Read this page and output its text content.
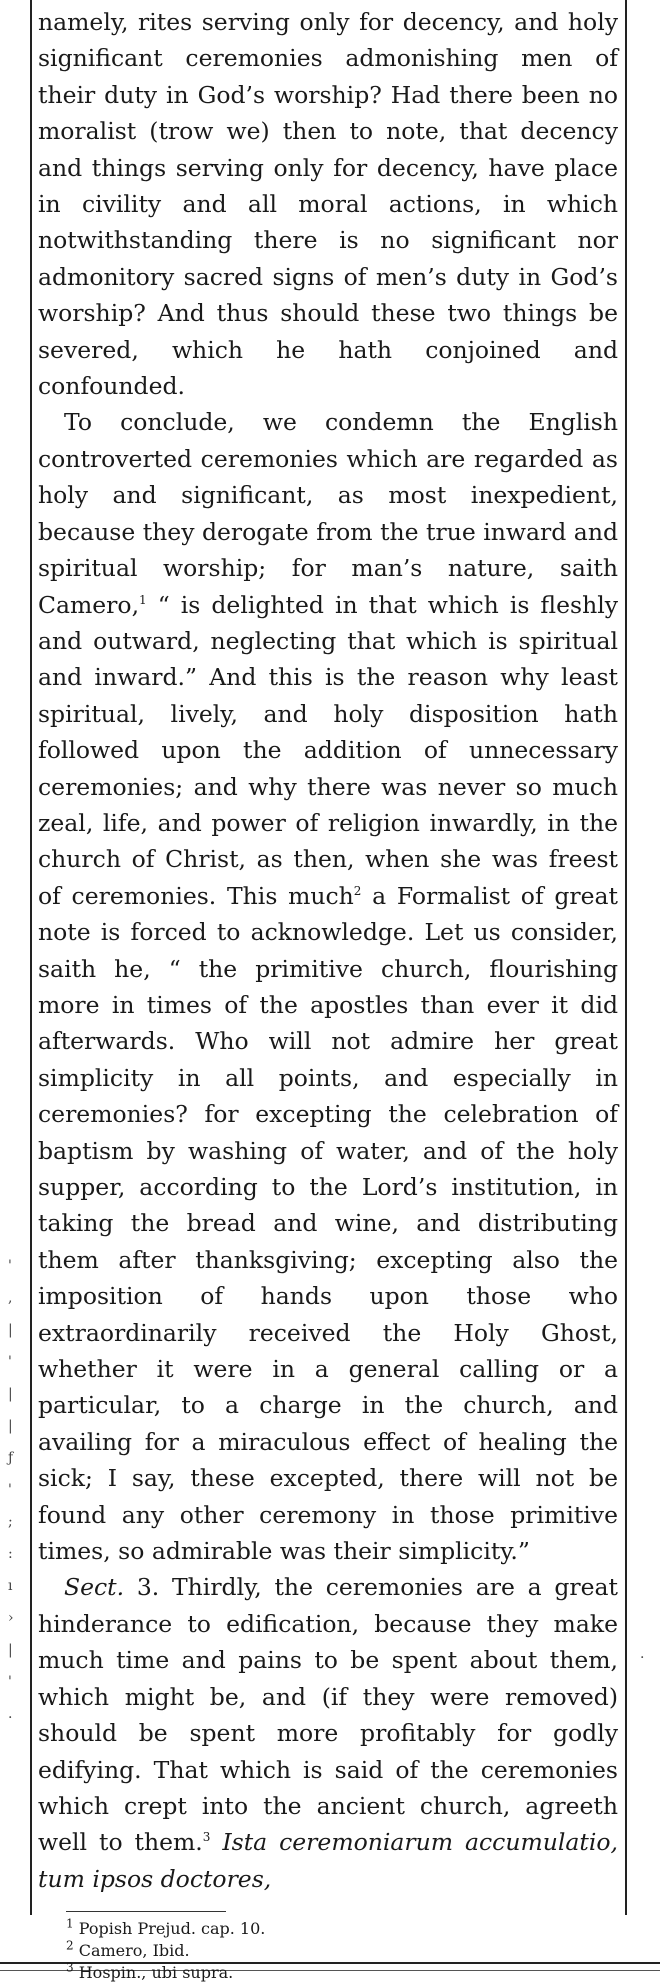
'
,
|
'
|
|
ƒ
'
;
:
ı
›
|
'
.
·

namely, rites serving only for decency, and holy significant ceremonies admonishing men of their duty in God’s worship? Had there been no moralist (trow we) then to note, that decency and things serving only for decency, have place in civility and all moral actions, in which notwithstanding there is no significant nor admonitory sacred signs of men’s duty in God’s worship? And thus should these two things be severed, which he hath conjoined and confounded.

To conclude, we condemn the English controverted ceremonies which are regarded as holy and significant, as most inexpedient, because they derogate from the true inward and spiritual worship; for man’s nature, saith Camero,$^1$ “ is delighted in that which is fleshly and outward, neglecting that which is spiritual and inward.” And this is the reason why least spiritual, lively, and holy disposition hath followed upon the addition of unnecessary ceremonies; and why there was never so much zeal, life, and power of religion inwardly, in the church of Christ, as then, when she was freest of ceremonies. This much$^2$ a Formalist of great note is forced to acknowledge. Let us consider, saith he, “ the primitive church, flourishing more in times of the apostles than ever it did afterwards. Who will not admire her great simplicity in all points, and especially in ceremonies? for excepting the celebration of baptism by washing of water, and of the holy supper, according to the Lord’s institution, in taking the bread and wine, and distributing them after thanksgiving; excepting also the imposition of hands upon those who extraordinarily received the Holy Ghost, whether it were in a general calling or a particular, to a charge in the church, and availing for a miraculous effect of healing the sick; I say, these excepted, there will not be found any other ceremony in those primitive times, so admirable was their simplicity.”

Sect. 3. Thirdly, the ceremonies are a great hinderance to edification, because they make much time and pains to be spent about them, which might be, and (if they were removed) should be spent more profitably for godly edifying. That which is said of the ceremonies which crept into the ancient church, agreeth well to them.$^3$ Ista ceremoniarum accumulatio, tum ipsos doctores,

$^1$ Popish Prejud. cap. 10.

$^2$ Camero, Ibid.

$^3$ Hospin., ubi supra.
